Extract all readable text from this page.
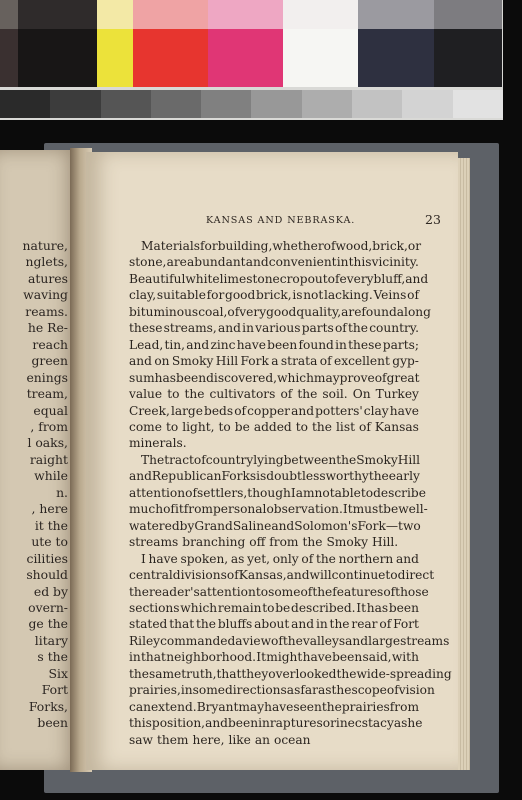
nature,
nglets,
atures
waving
reams.
he Re-
reach
green
enings
tream,
equal
, from
l oaks,
raight
while
n.
, here
it the
ute to
cilities
should
ed by
overn-
ge the
litary
s the
Six
Fort
Forks,
been
KANSAS AND NEBRASKA.	23
Materials for building, whether of wood, brick, or
stone, are abundant and convenient in this vicinity.
Beautiful white limestone crop out of every bluff, and
clay, suitable for good brick, is not lacking. Veins of
bituminous coal, of very good quality, are found along
these streams, and in various parts of the country.
Lead, tin, and zinc have been found in these parts;
and on Smoky Hill Fork a strata of excellent gyp-
sum has been discovered, which may prove of great
value to the cultivators of the soil. On Turkey
Creek, large beds of copper and potters' clay have
come to light, to be added to the list of Kansas
minerals.
The tract of country lying between the Smoky Hill
and Republican Forks is doubtless worthy the early
attention of settlers, though I am not able to describe
much of it from personal observation. It must be well-
watered by Grand Saline and Solomon's Fork—two
streams branching off from the Smoky Hill.
I have spoken, as yet, only of the northern and
central divisions of Kansas, and will continue to direct
the reader's attention to some of the features of those
sections which remain to be described. It has been
stated that the bluffs about and in the rear of Fort
Riley commanded a view of the valleys and large streams
in that neighborhood. It might have been said, with
the same truth, that they overlooked the wide-spreading
prairies, in some directions as far as the scope of vision
can extend. Bryant may have seen the prairies from
this position, and been in raptures or in ecstacy as he
saw them here, like an ocean
